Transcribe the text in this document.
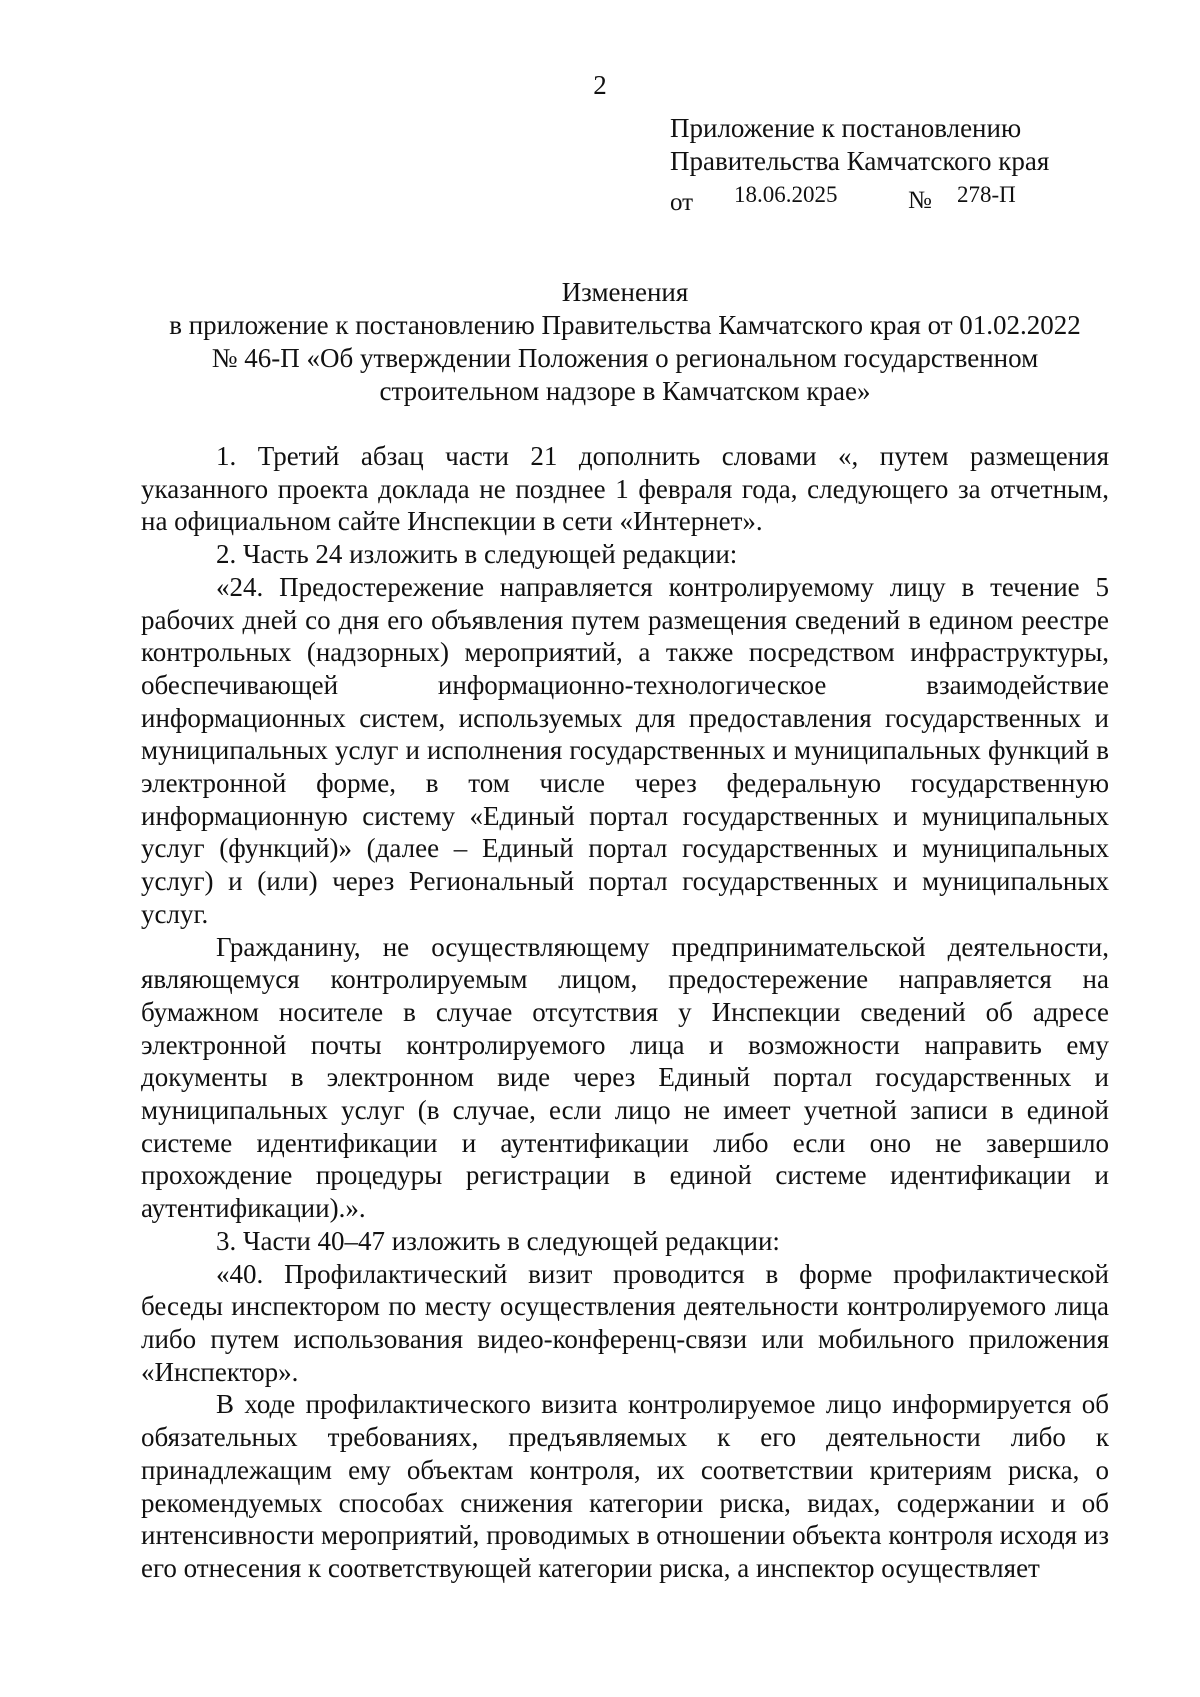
2
Приложение к постановлению
Правительства Камчатского края
от 18.06.2025	№ 278-П
Изменения
в приложение к постановлению Правительства Камчатского края от 01.02.2022
№ 46-П «Об утверждении Положения о региональном государственном
строительном надзоре в Камчатском крае»

1. Третий абзац части 21 дополнить словами «, путем размещения указанного проекта доклада не позднее 1 февраля года, следующего за отчетным, на официальном сайте Инспекции в сети «Интернет».

2. Часть 24 изложить в следующей редакции:

«24. Предостережение направляется контролируемому лицу в течение 5 рабочих дней со дня его объявления путем размещения сведений в едином реестре контрольных (надзорных) мероприятий, а также посредством инфраструктуры, обеспечивающей информационно-технологическое взаимодействие информационных систем, используемых для предоставления государственных и муниципальных услуг и исполнения государственных и муниципальных функций в электронной форме, в том числе через федеральную государственную информационную систему «Единый портал государственных и муниципальных услуг (функций)» (далее – Единый портал государственных и муниципальных услуг) и (или) через Региональный портал государственных и муниципальных услуг.

Гражданину, не осуществляющему предпринимательской деятельности, являющемуся контролируемым лицом, предостережение направляется на бумажном носителе в случае отсутствия у Инспекции сведений об адресе электронной почты контролируемого лица и возможности направить ему документы в электронном виде через Единый портал государственных и муниципальных услуг (в случае, если лицо не имеет учетной записи в единой системе идентификации и аутентификации либо если оно не завершило прохождение процедуры регистрации в единой системе идентификации и аутентификации).».

3. Части 40–47 изложить в следующей редакции:

«40. Профилактический визит проводится в форме профилактической беседы инспектором по месту осуществления деятельности контролируемого лица либо путем использования видео-конференц-связи или мобильного приложения «Инспектор».

В ходе профилактического визита контролируемое лицо информируется об обязательных требованиях, предъявляемых к его деятельности либо к принадлежащим ему объектам контроля, их соответствии критериям риска, о рекомендуемых способах снижения категории риска, видах, содержании и об интенсивности мероприятий, проводимых в отношении объекта контроля исходя из его отнесения к соответствующей категории риска, а инспектор осуществляет
